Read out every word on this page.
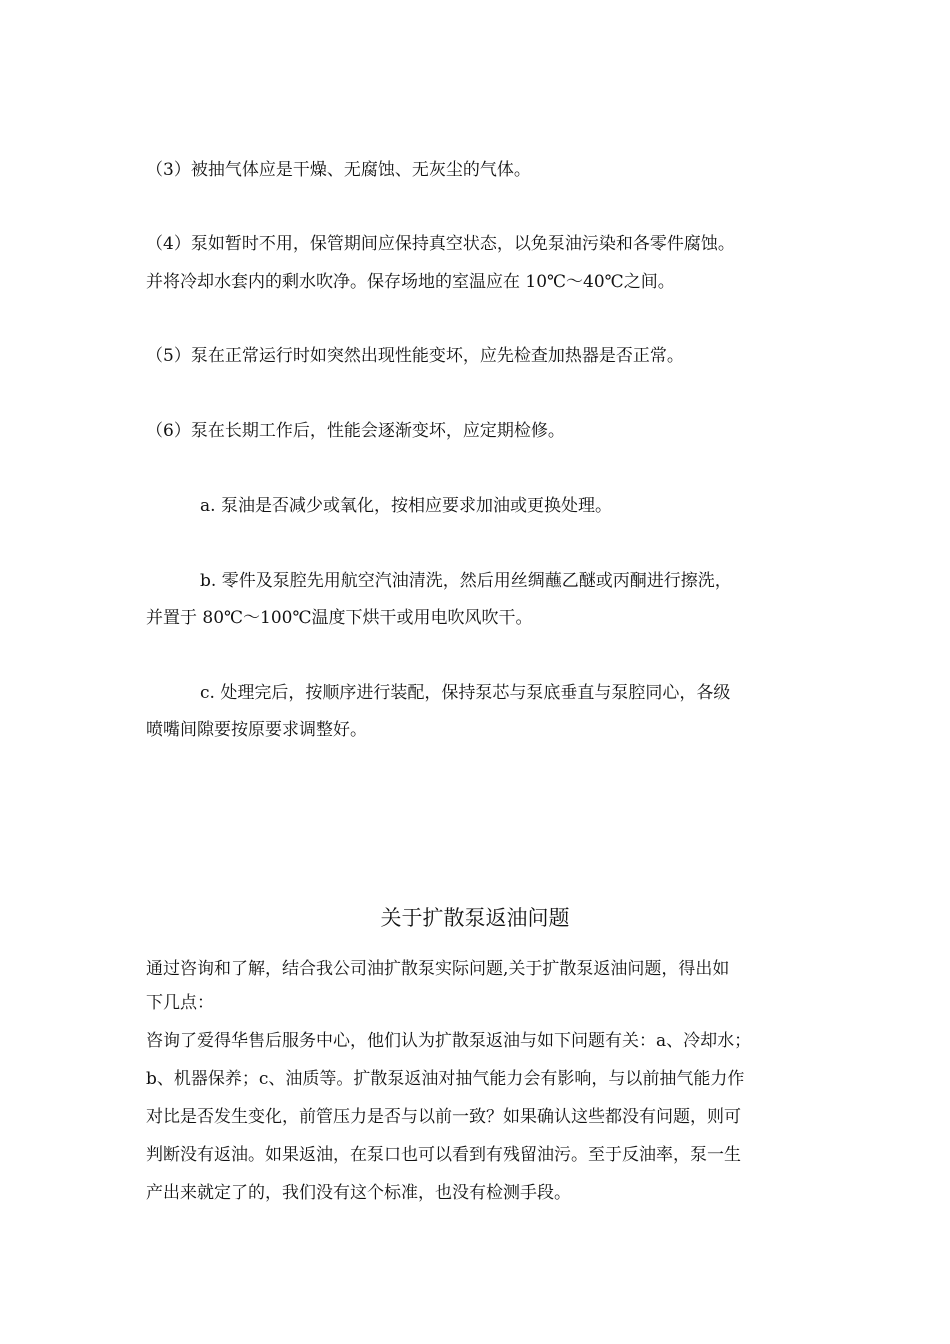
（3）被抽气体应是干燥、无腐蚀、无灰尘的气体。
（4）泵如暂时不用，保管期间应保持真空状态，以免泵油污染和各零件腐蚀。
并将冷却水套内的剩水吹净。保存场地的室温应在 10℃～40℃之间。
（5）泵在正常运行时如突然出现性能变坏，应先检查加热器是否正常。
（6）泵在长期工作后，性能会逐渐变坏，应定期检修。
a. 泵油是否减少或氧化，按相应要求加油或更换处理。
b. 零件及泵腔先用航空汽油清洗，然后用丝绸蘸乙醚或丙酮进行擦洗，
并置于 80℃～100℃温度下烘干或用电吹风吹干。
c. 处理完后，按顺序进行装配，保持泵芯与泵底垂直与泵腔同心，各级
喷嘴间隙要按原要求调整好。
关于扩散泵返油问题
通过咨询和了解，结合我公司油扩散泵实际问题,关于扩散泵返油问题，得出如
下几点：
咨询了爱得华售后服务中心，他们认为扩散泵返油与如下问题有关：a、冷却水；
b、机器保养；c、油质等。扩散泵返油对抽气能力会有影响，与以前抽气能力作
对比是否发生变化，前管压力是否与以前一致？如果确认这些都没有问题，则可
判断没有返油。如果返油，在泵口也可以看到有残留油污。至于反油率，泵一生
产出来就定了的，我们没有这个标准，也没有检测手段。
